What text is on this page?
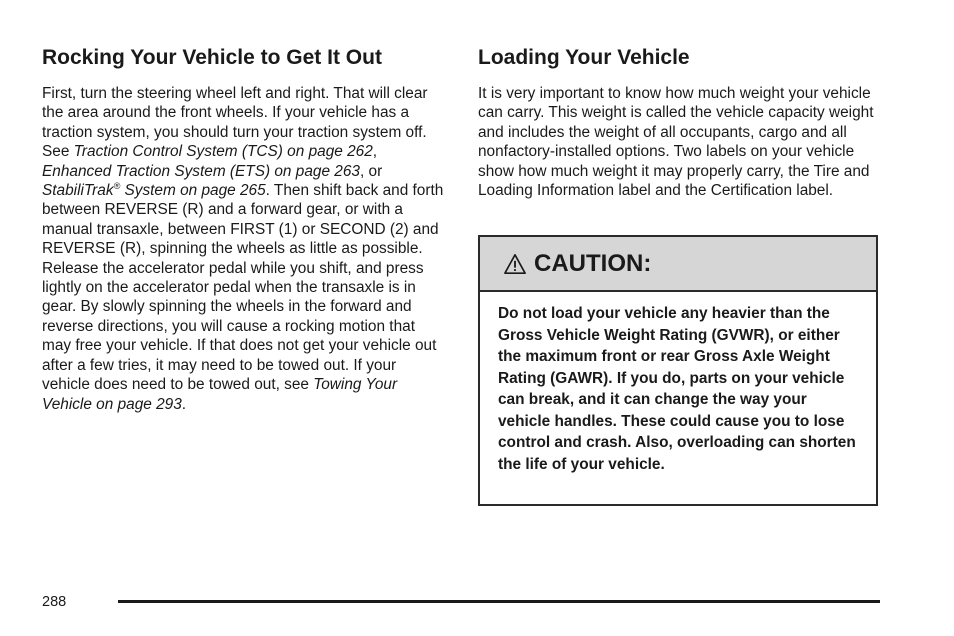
Rocking Your Vehicle to Get It Out

First, turn the steering wheel left and right. That will clear the area around the front wheels. If your vehicle has a traction system, you should turn your traction system off. See Traction Control System (TCS) on page 262, Enhanced Traction System (ETS) on page 263, or StabiliTrak® System on page 265. Then shift back and forth between REVERSE (R) and a forward gear, or with a manual transaxle, between FIRST (1) or SECOND (2) and REVERSE (R), spinning the wheels as little as possible. Release the accelerator pedal while you shift, and press lightly on the accelerator pedal when the transaxle is in gear. By slowly spinning the wheels in the forward and reverse directions, you will cause a rocking motion that may free your vehicle. If that does not get your vehicle out after a few tries, it may need to be towed out. If your vehicle does need to be towed out, see Towing Your Vehicle on page 293.

Loading Your Vehicle

It is very important to know how much weight your vehicle can carry. This weight is called the vehicle capacity weight and includes the weight of all occupants, cargo and all nonfactory-installed options. Two labels on your vehicle show how much weight it may properly carry, the Tire and Loading Information label and the Certification label.

CAUTION:
Do not load your vehicle any heavier than the Gross Vehicle Weight Rating (GVWR), or either the maximum front or rear Gross Axle Weight Rating (GAWR). If you do, parts on your vehicle can break, and it can change the way your vehicle handles. These could cause you to lose control and crash. Also, overloading can shorten the life of your vehicle.
288
